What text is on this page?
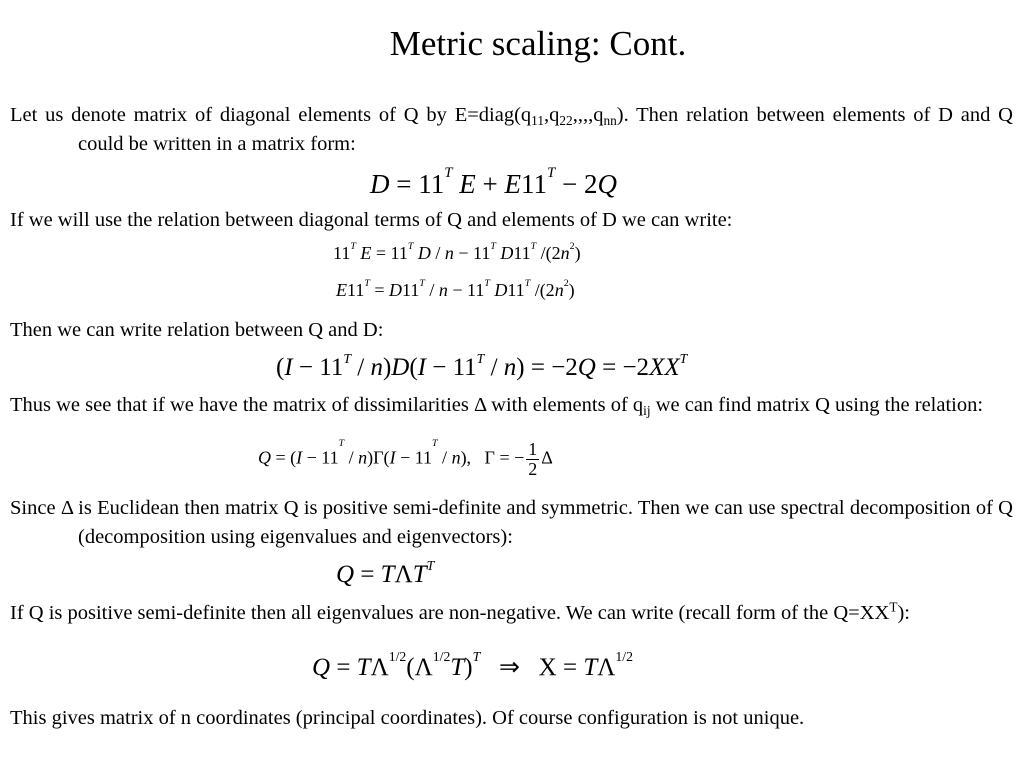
Metric scaling: Cont.
Let us denote matrix of diagonal elements of Q by $E=diag(q_{11},q_{22},,,,q_{nn})$. Then relation between elements of D and Q could be written in a matrix form:
$D = 11^T$ $E + E11^T - 2Q$
If we will use the relation between diagonal terms of Q and elements of D we can write:
$11^T$ $E = 11^T$ $D / n - 11^T$ $D11^T$ $/(2n^2)$
$E11^T = D11^T / n - 11^T$ $D11^T$ $/(2n^2)$
Then we can write relation between Q and D:
$(I - 11^T / n)D(I - 11^T / n) = -2Q = -2XX^T$
Thus we see that if we have the matrix of dissimilarities Δ with elements of $q_{ij}$ we can find matrix Q using the relation:
$Q = (I - 11^T / n)\Gamma(I - 11^T / n)$,   Γ = − $\frac{1}{2}$ Δ
Since Δ is Euclidean then matrix Q is positive semi-definite and symmetric. Then we can use spectral decomposition of Q (decomposition using eigenvalues and eigenvectors):
$Q = T\Lambda T^T$
If Q is positive semi-definite then all eigenvalues are non-negative. We can write (recall form of the $Q=XX^T$):
$Q = T\Lambda^{1/2}(\Lambda^{1/2}T)^T$   ⇒   $X = T\Lambda^{1/2}$
This gives matrix of n coordinates (principal coordinates). Of course configuration is not unique.
